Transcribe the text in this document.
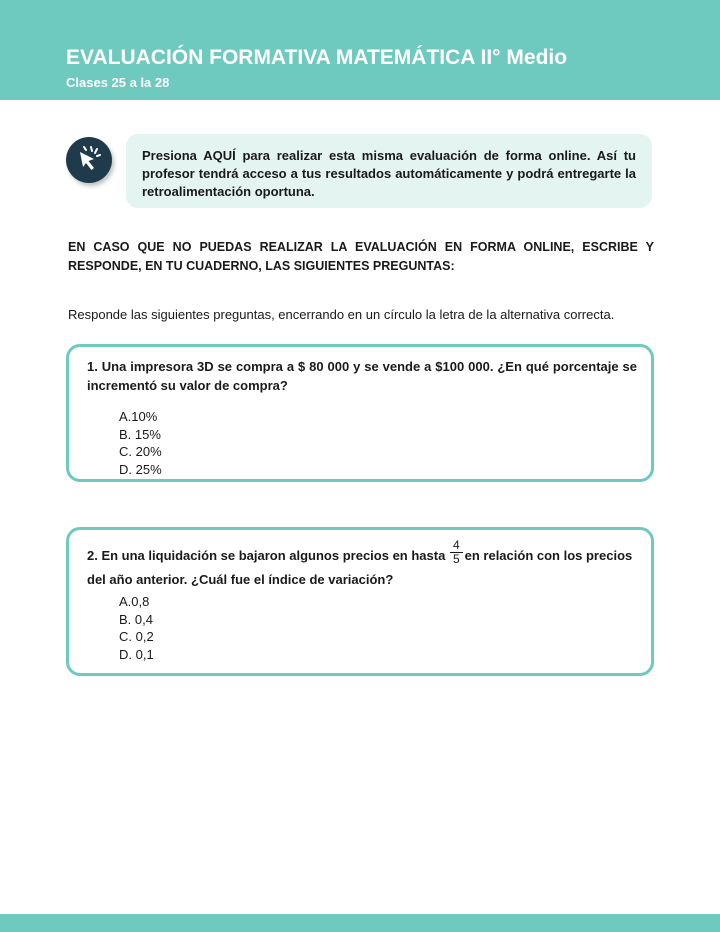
EVALUACIÓN FORMATIVA MATEMÁTICA II° Medio
Clases 25 a la 28

Presiona AQUÍ para realizar esta misma evaluación de forma online. Así tu profesor tendrá acceso a tus resultados automáticamente y podrá entregarte la retroalimentación oportuna.

EN CASO QUE NO PUEDAS REALIZAR LA EVALUACIÓN EN FORMA ONLINE, ESCRIBE Y RESPONDE, EN TU CUADERNO, LAS SIGUIENTES PREGUNTAS:

Responde las siguientes preguntas, encerrando en un círculo la letra de la alternativa correcta.

1. Una impresora 3D se compra a $ 80 000 y se vende a $100 000. ¿En qué porcentaje se incrementó su valor de compra?

A.10%
B. 15%
C. 20%
D. 25%

2. En una liquidación se bajaron algunos precios en hasta $\frac{4}{5}$ en relación con los precios del año anterior. ¿Cuál fue el índice de variación?

A.0,8
B. 0,4
C. 0,2
D. 0,1
